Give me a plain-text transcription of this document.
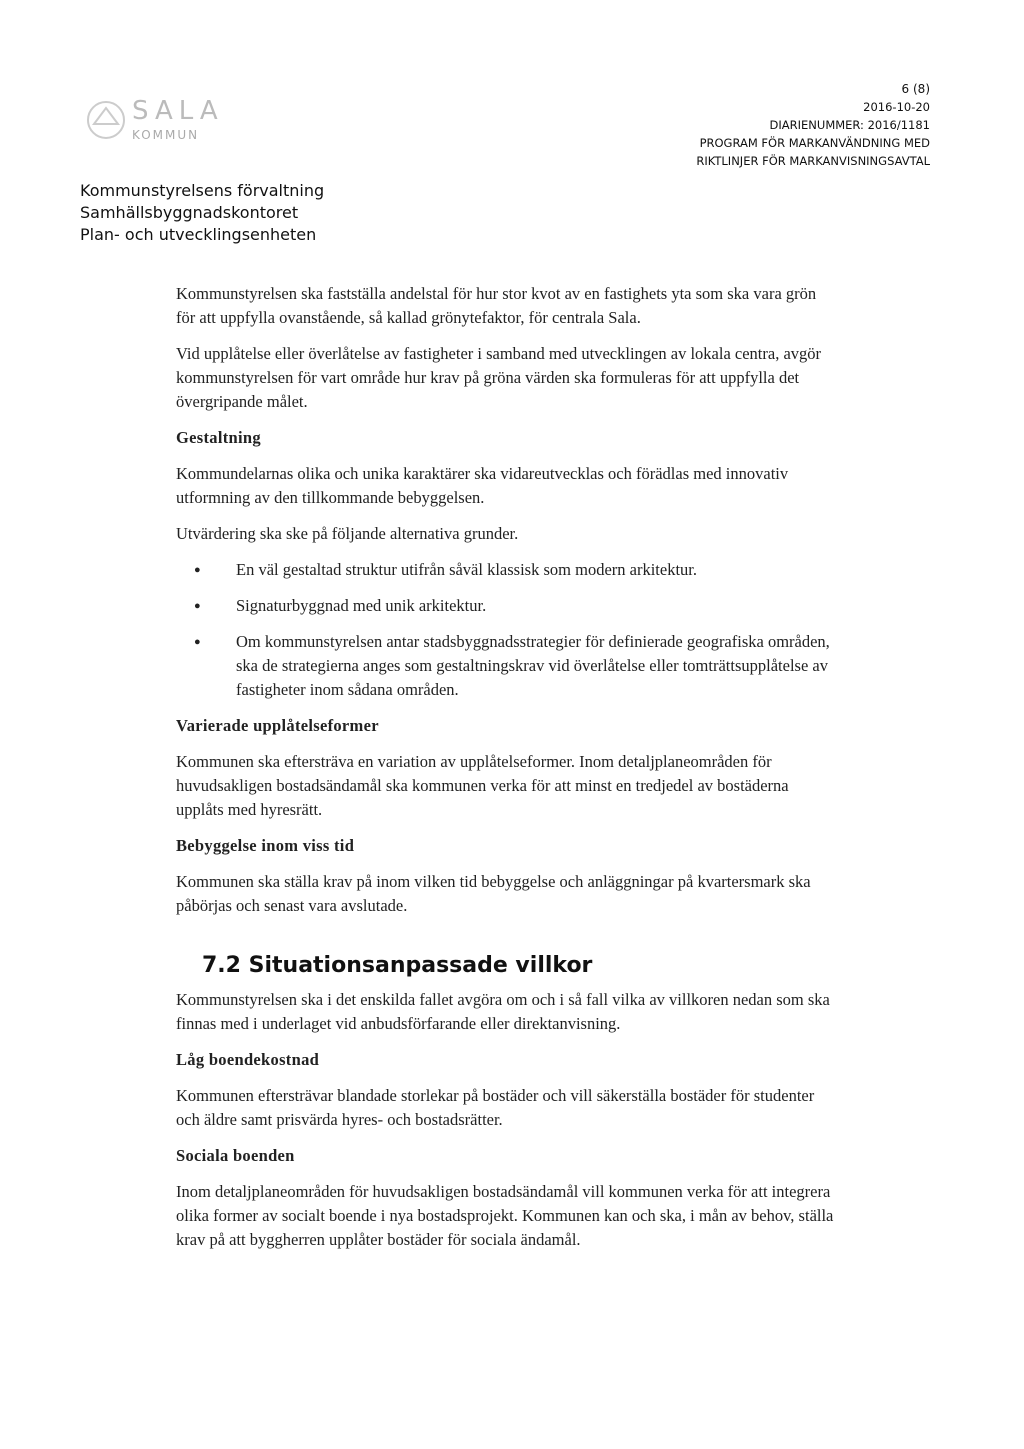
SALA
KOMMUN
6 (8)
2016-10-20
DIARIENUMMER: 2016/1181
PROGRAM FÖR MARKANVÄNDNING MED
RIKTLINJER FÖR MARKANVISNINGSAVTAL
Kommunstyrelsens förvaltning
Samhällsbyggnadskontoret
Plan- och utvecklingsenheten

Kommunstyrelsen ska fastställa andelstal för hur stor kvot av en fastighets yta som ska vara grön för att uppfylla ovanstående, så kallad grönytefaktor, för centrala Sala.

Vid upplåtelse eller överlåtelse av fastigheter i samband med utvecklingen av lokala centra, avgör kommunstyrelsen för vart område hur krav på gröna värden ska formuleras för att uppfylla det övergripande målet.

Gestaltning

Kommundelarnas olika och unika karaktärer ska vidareutvecklas och förädlas med innovativ utformning av den tillkommande bebyggelsen.

Utvärdering ska ske på följande alternativa grunder.

● En väl gestaltad struktur utifrån såväl klassisk som modern arkitektur.
● Signaturbyggnad med unik arkitektur.
● Om kommunstyrelsen antar stadsbyggnadsstrategier för definierade geografiska områden, ska de strategierna anges som gestaltningskrav vid överlåtelse eller tomträttsupplåtelse av fastigheter inom sådana områden.
Varierade upplåtelseformer

Kommunen ska eftersträva en variation av upplåtelseformer. Inom detaljplaneområden för huvudsakligen bostadsändamål ska kommunen verka för att minst en tredjedel av bostäderna upplåts med hyresrätt.

Bebyggelse inom viss tid

Kommunen ska ställa krav på inom vilken tid bebyggelse och anläggningar på kvartersmark ska påbörjas och senast vara avslutade.

7.2 Situationsanpassade villkor

Kommunstyrelsen ska i det enskilda fallet avgöra om och i så fall vilka av villkoren nedan som ska finnas med i underlaget vid anbudsförfarande eller direktanvisning.

Låg boendekostnad

Kommunen eftersträvar blandade storlekar på bostäder och vill säkerställa bostäder för studenter och äldre samt prisvärda hyres- och bostadsrätter.

Sociala boenden

Inom detaljplaneområden för huvudsakligen bostadsändamål vill kommunen verka för att integrera olika former av socialt boende i nya bostadsprojekt. Kommunen kan och ska, i mån av behov, ställa krav på att byggherren upplåter bostäder för sociala ändamål.
